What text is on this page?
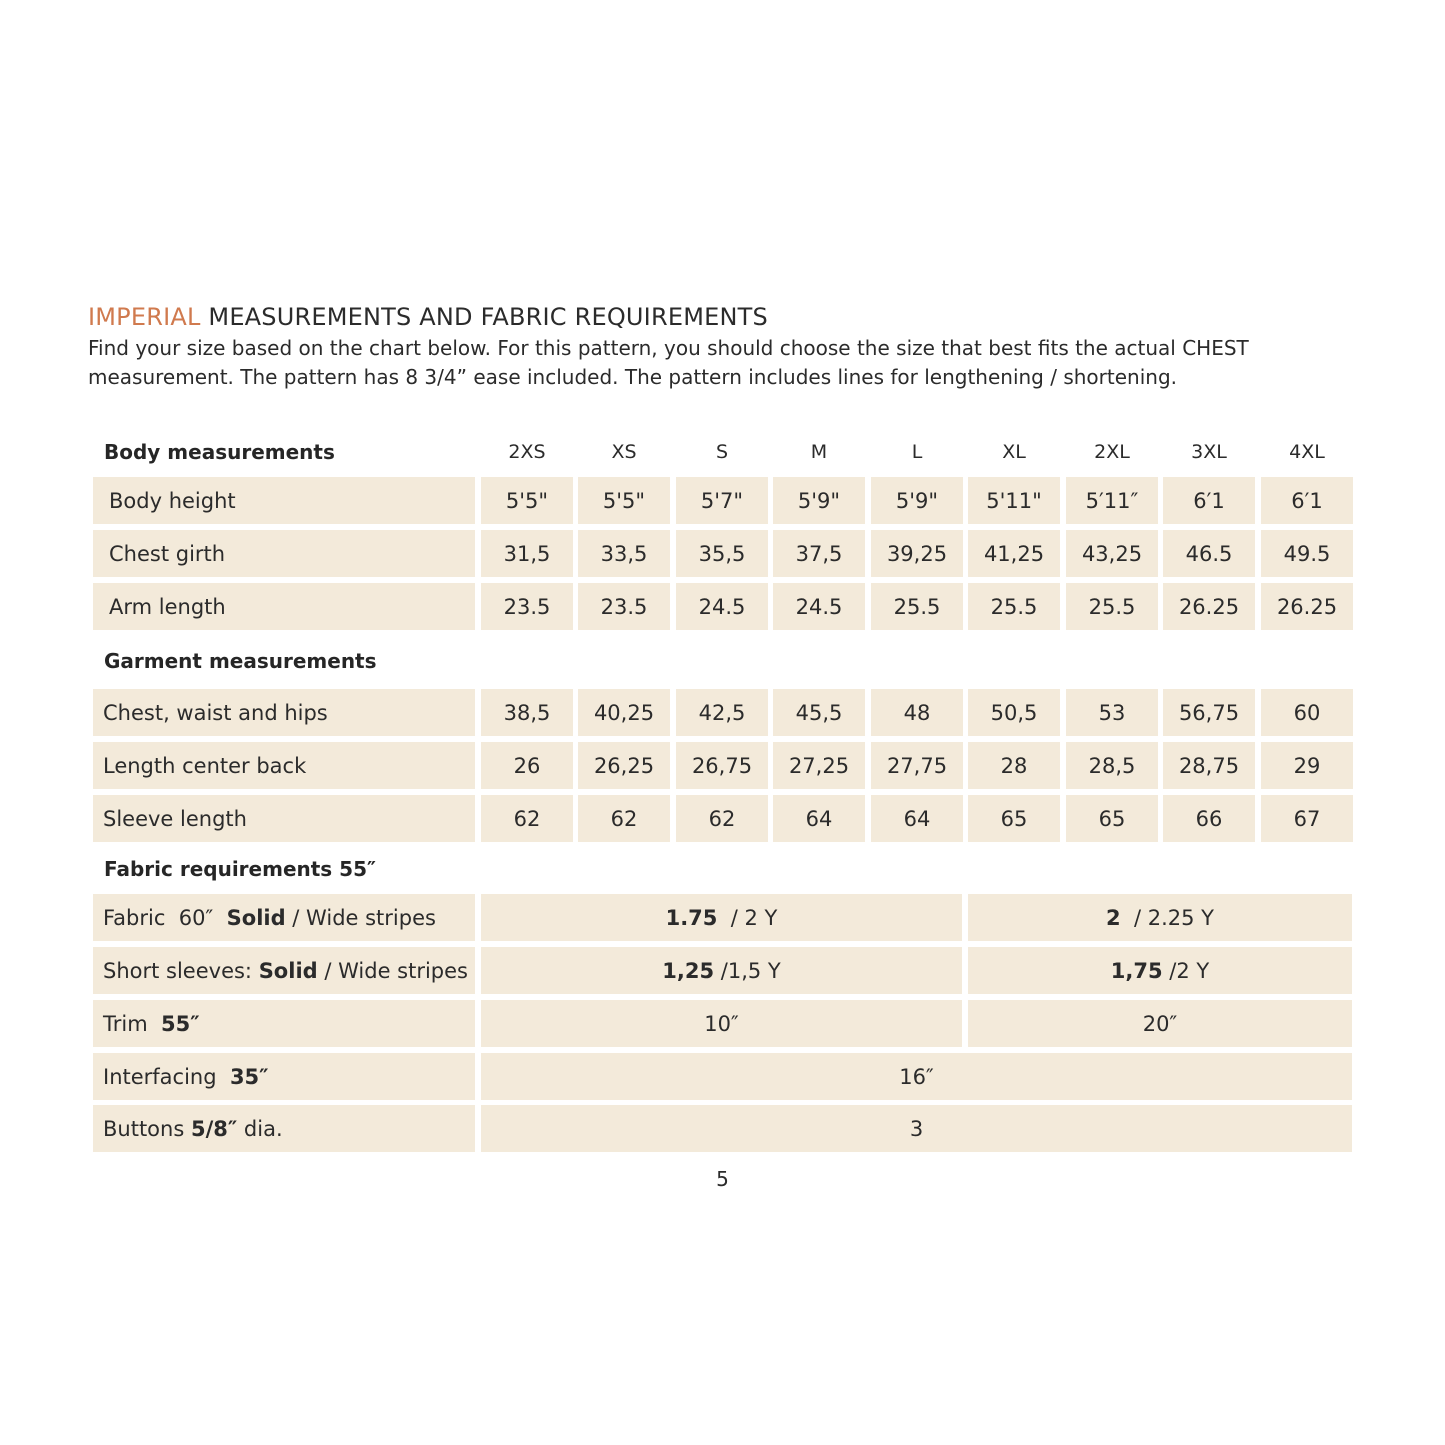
IMPERIAL MEASUREMENTS AND FABRIC REQUIREMENTS
Find your size based on the chart below. For this pattern, you should choose the size that best fits the actual CHEST
measurement. The pattern has 8 3/4” ease included. The pattern includes lines for lengthening / shortening.
Body measurements	2XS	XS	S	M	L	XL	2XL	3XL	4XL
Body height	5'5"	5'5"	5'7"	5'9"	5'9"	5'11"	5′11″	6′1	6′1
Chest girth	31,5	33,5	35,5	37,5	39,25	41,25	43,25	46.5	49.5
Arm length	23.5	23.5	24.5	24.5	25.5	25.5	25.5	26.25	26.25
Garment measurements
Chest, waist and hips	38,5	40,25	42,5	45,5	48	50,5	53	56,75	60
Length center back	26	26,25	26,75	27,25	27,75	28	28,5	28,75	29
Sleeve length	62	62	62	64	64	65	65	66	67
Fabric requirements 55″
Fabric  60″ Solid / Wide stripes	1.75 / 2 Y	2 / 2.25 Y
Short sleeves: Solid / Wide stripes	1,25 /1,5 Y	1,75 /2 Y
Trim 55″	10″	20″
Interfacing 35″	16″
Buttons 5/8″ dia.	3
5
